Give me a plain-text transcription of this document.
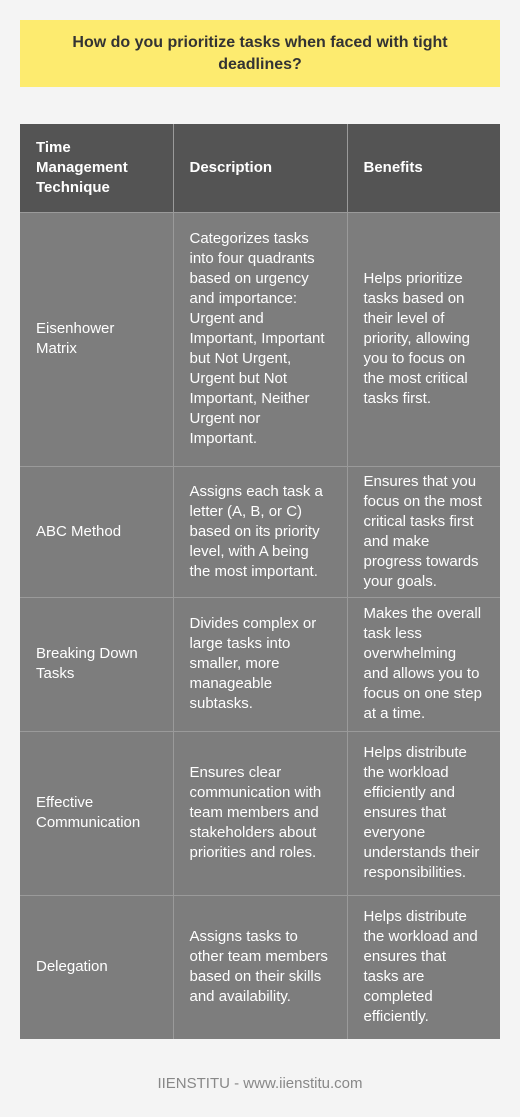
How do you prioritize tasks when faced with tight deadlines?
Time Management Technique	Description	Benefits
Eisenhower Matrix	Categorizes tasks into four quadrants based on urgency and importance: Urgent and Important, Important but Not Urgent, Urgent but Not Important, Neither Urgent nor Important.	Helps prioritize tasks based on their level of priority, allowing you to focus on the most critical tasks first.
ABC Method	Assigns each task a letter (A, B, or C) based on its priority level, with A being the most important.	Ensures that you focus on the most critical tasks first and make progress towards your goals.
Breaking Down Tasks	Divides complex or large tasks into smaller, more manageable subtasks.	Makes the overall task less overwhelming and allows you to focus on one step at a time.
Effective Communication	Ensures clear communication with team members and stakeholders about priorities and roles.	Helps distribute the workload efficiently and ensures that everyone understands their responsibilities.
Delegation	Assigns tasks to other team members based on their skills and availability.	Helps distribute the workload and ensures that tasks are completed efficiently.
IIENSTITU - www.iienstitu.com
